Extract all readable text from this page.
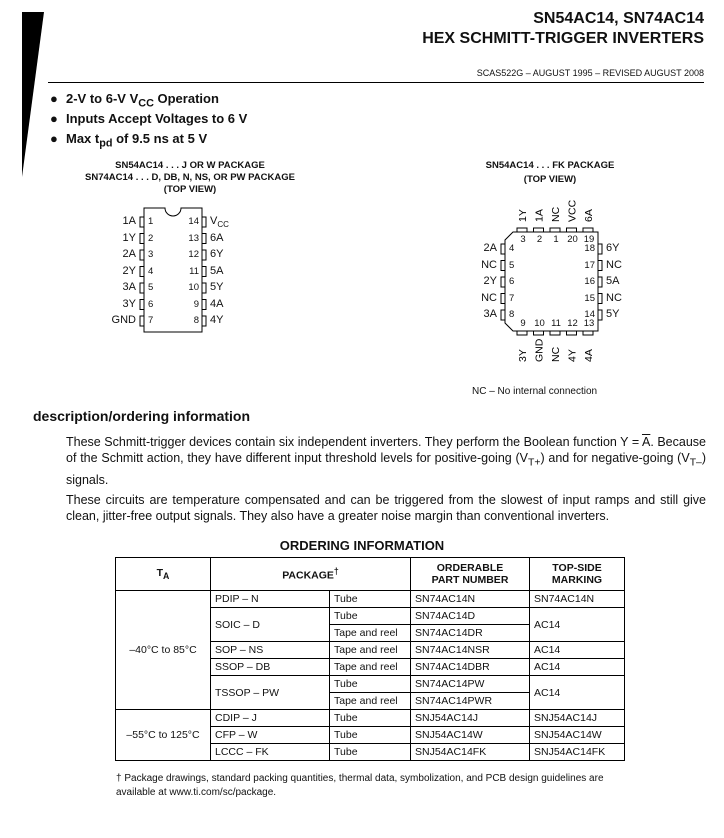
SN54AC14, SN74AC14
HEX SCHMITT-TRIGGER INVERTERS
SCAS522G – AUGUST 1995 – REVISED AUGUST 2008
● 2-V to 6-V $V_{CC}$ Operation
● Inputs Accept Voltages to 6 V
● Max $t_{pd}$ of 9.5 ns at 5 V
SN54AC14 . . . J OR W PACKAGE
SN74AC14 . . . D, DB, N, NS, OR PW PACKAGE
(TOP VIEW)
1Y 1A NC VCC 6A
3Y GND NC 4Y 4A
1A 1
1Y 2
2A 3
2Y 4
3A 5
3Y 6
GND 7
14 $V_{CC}$
13 6A
12 6Y
11 5A
10 5Y
9 4A
8 4Y
SN54AC14 . . . FK PACKAGE
(TOP VIEW)
3	2	1 20 19
9 10 11 12 13
2A 4
NC 5
2Y 6
NC 7
3A 8
18 6Y
17 NC
16 5A
15 NC
14 5Y
NC – No internal connection
description/ordering information
These Schmitt-trigger devices contain six independent inverters. They perform the Boolean function $Y = \overline{A}$. Because of the Schmitt action, they have different input threshold levels for positive-going $(V_{T+})$ and for negative-going $(V_{T-})$ signals.
These circuits are temperature compensated and can be triggered from the slowest of input ramps and still give clean, jitter-free output signals. They also have a greater noise margin than conventional inverters.
ORDERING INFORMATION
$T_A$	PACKAGE†		ORDERABLE
PART NUMBER	TOP-SIDE
MARKING
–40°C to 85°C	PDIP – N	Tube	SN74AC14N	SN74AC14N
	SOIC – D	Tube	SN74AC14D	AC14
		Tape and reel	SN74AC14DR	
	SOP – NS	Tape and reel	SN74AC14NSR	AC14
	SSOP – DB	Tape and reel	SN74AC14DBR	AC14
	TSSOP – PW	Tube	SN74AC14PW	AC14
		Tape and reel	SN74AC14PWR	
–55°C to 125°C	CDIP – J	Tube	SNJ54AC14J	SNJ54AC14J
	CFP – W	Tube	SNJ54AC14W	SNJ54AC14W
	LCCC – FK	Tube	SNJ54AC14FK	SNJ54AC14FK
† Package drawings, standard packing quantities, thermal data, symbolization, and PCB design guidelines are available at www.ti.com/sc/package.
